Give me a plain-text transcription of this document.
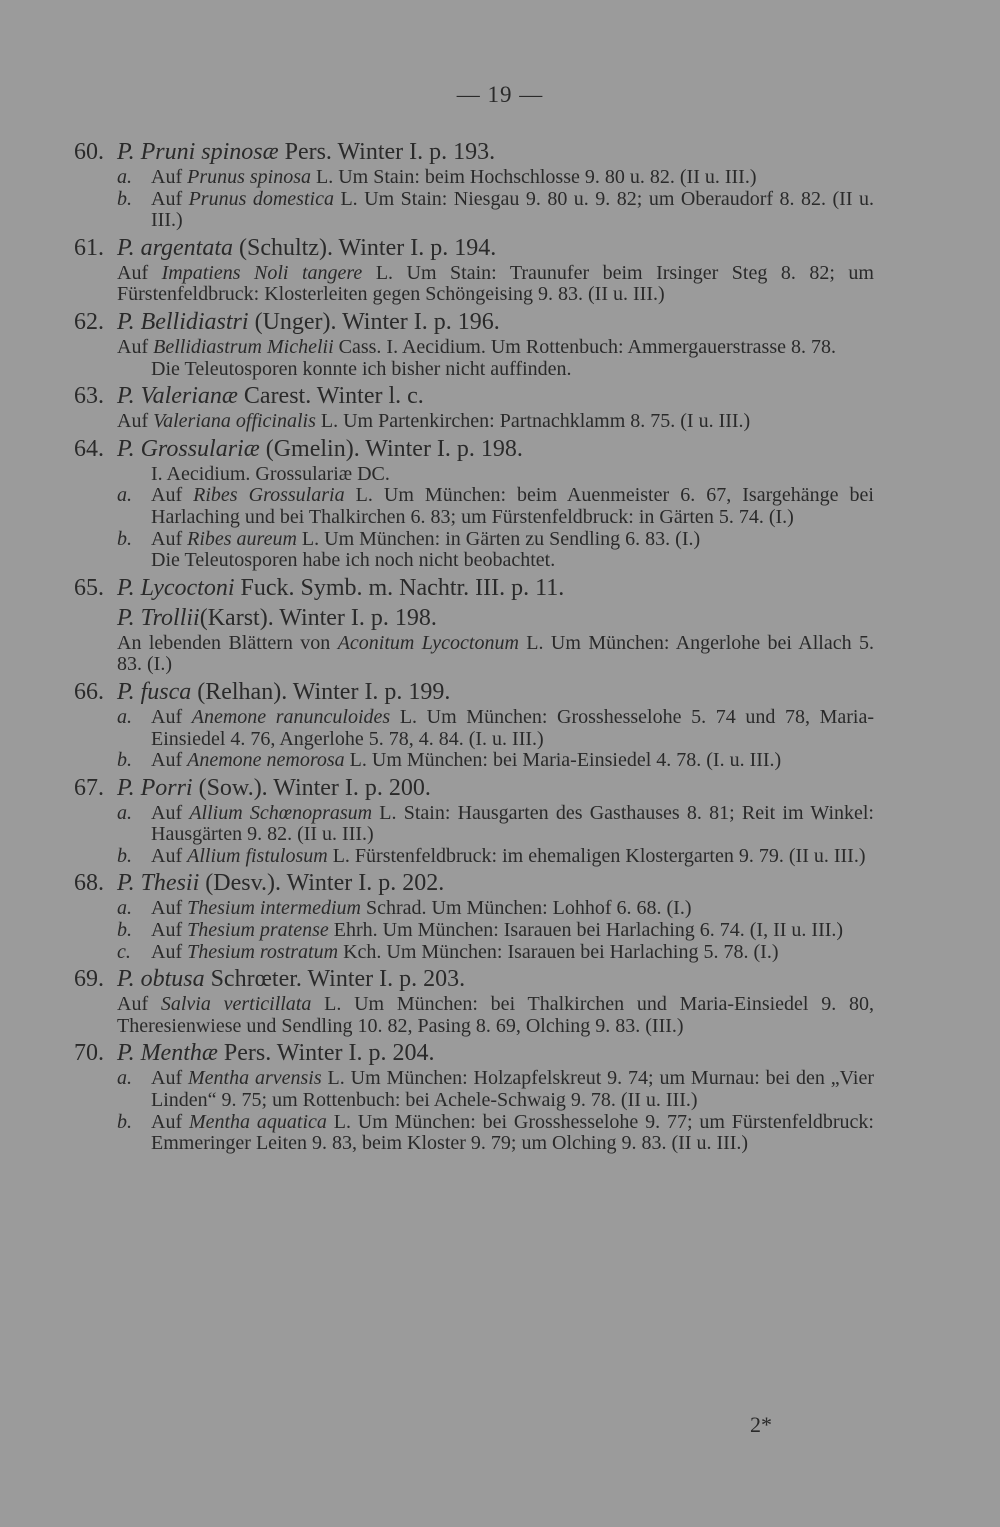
— 19 —
60. P. Pruni spinosæ Pers. Winter I. p. 193.
a. Auf Prunus spinosa L. Um Stain: beim Hochschlosse 9. 80 u. 82. (II u. III.)
b. Auf Prunus domestica L. Um Stain: Niesgau 9. 80 u. 9. 82; um Oberaudorf 8. 82. (II u. III.)
61. P. argentata (Schultz). Winter I. p. 194.
Auf Impatiens Noli tangere L. Um Stain: Traunufer beim Irsinger Steg 8. 82; um Fürstenfeldbruck: Klosterleiten gegen Schöngeising 9. 83. (II u. III.)
62. P. Bellidiastri (Unger). Winter I. p. 196.
Auf Bellidiastrum Michelii Cass. I. Aecidium. Um Rottenbuch: Ammergauerstrasse 8. 78.
Die Teleutosporen konnte ich bisher nicht auffinden.
63. P. Valerianæ Carest. Winter l. c.
Auf Valeriana officinalis L. Um Partenkirchen: Partnachklamm 8. 75. (I u. III.)
64. P. Grossulariæ (Gmelin). Winter I. p. 198.
I. Aecidium. Grossulariæ DC.
a. Auf Ribes Grossularia L. Um München: beim Auenmeister 6. 67, Isargehänge bei Harlaching und bei Thalkirchen 6. 83; um Fürstenfeldbruck: in Gärten 5. 74. (I.)
b. Auf Ribes aureum L. Um München: in Gärten zu Sendling 6. 83. (I.)
Die Teleutosporen habe ich noch nicht beobachtet.
65. P. Lycoctoni Fuck. Symb. m. Nachtr. III. p. 11.
P. Trollii (Karst). Winter I. p. 198.
An lebenden Blättern von Aconitum Lycoctonum L. Um München: Angerlohe bei Allach 5. 83. (I.)
66. P. fusca (Relhan). Winter I. p. 199.
a. Auf Anemone ranunculoides L. Um München: Grosshesselohe 5. 74 und 78, Maria-Einsiedel 4. 76, Angerlohe 5. 78, 4. 84. (I. u. III.)
b. Auf Anemone nemorosa L. Um München: bei Maria-Einsiedel 4. 78. (I. u. III.)
67. P. Porri (Sow.). Winter I. p. 200.
a. Auf Allium Schœnoprasum L. Stain: Hausgarten des Gasthauses 8. 81; Reit im Winkel: Hausgärten 9. 82. (II u. III.)
b. Auf Allium fistulosum L. Fürstenfeldbruck: im ehemaligen Klostergarten 9. 79. (II u. III.)
68. P. Thesii (Desv.). Winter I. p. 202.
a. Auf Thesium intermedium Schrad. Um München: Lohhof 6. 68. (I.)
b. Auf Thesium pratense Ehrh. Um München: Isarauen bei Harlaching 6. 74. (I, II u. III.)
c. Auf Thesium rostratum Kch. Um München: Isarauen bei Harlaching 5. 78. (I.)
69. P. obtusa Schrœter. Winter I. p. 203.
Auf Salvia verticillata L. Um München: bei Thalkirchen und Maria-Einsiedel 9. 80, Theresienwiese und Sendling 10. 82, Pasing 8. 69, Olching 9. 83. (III.)
70. P. Menthæ Pers. Winter I. p. 204.
a. Auf Mentha arvensis L. Um München: Holzapfelskreut 9. 74; um Murnau: bei den „Vier Linden“ 9. 75; um Rottenbuch: bei Achele-Schwaig 9. 78. (II u. III.)
b. Auf Mentha aquatica L. Um München: bei Grosshesselohe 9. 77; um Fürstenfeldbruck: Emmeringer Leiten 9. 83, beim Kloster 9. 79; um Olching 9. 83. (II u. III.)
2*
